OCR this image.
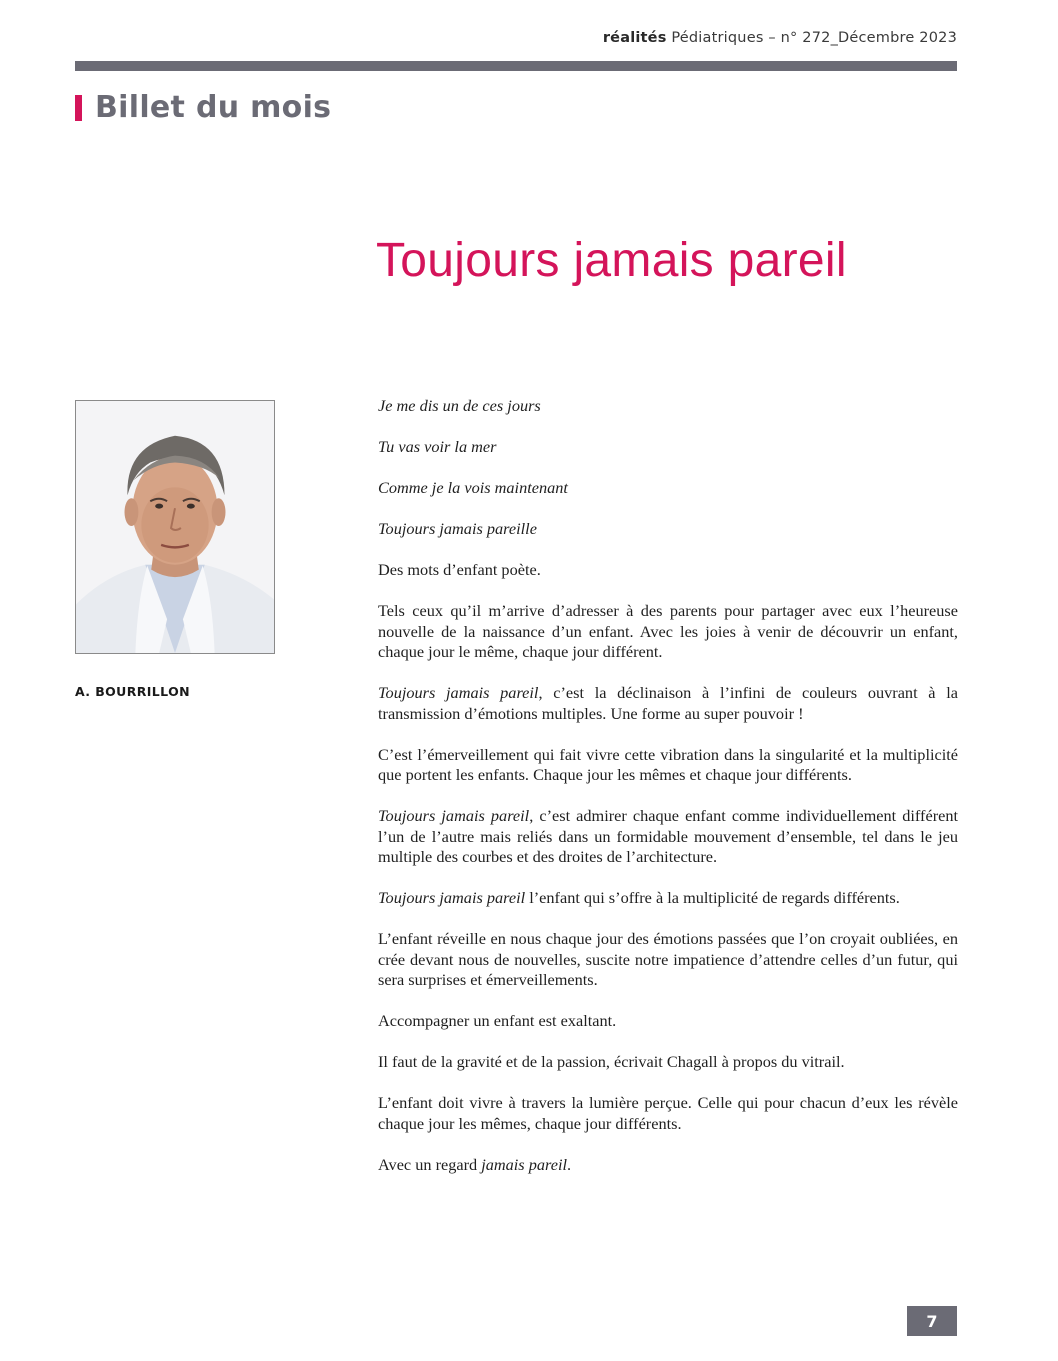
réalités Pédiatriques – n° 272_Décembre 2023
Billet du mois
Toujours jamais pareil
A. BOURRILLON

Je me dis un de ces jours

Tu vas voir la mer

Comme je la vois maintenant

Toujours jamais pareille

Des mots d’enfant poète.

Tels ceux qu’il m’arrive d’adresser à des parents pour partager avec eux l’heureuse nouvelle de la naissance d’un enfant. Avec les joies à venir de découvrir un enfant, chaque jour le même, chaque jour différent.

Toujours jamais pareil, c’est la déclinaison à l’infini de couleurs ouvrant à la transmission d’émotions multiples. Une forme au super pouvoir !

C’est l’émerveillement qui fait vivre cette vibration dans la singularité et la multiplicité que portent les enfants. Chaque jour les mêmes et chaque jour différents.

Toujours jamais pareil, c’est admirer chaque enfant comme individuellement différent l’un de l’autre mais reliés dans un formidable mouvement d’ensemble, tel dans le jeu multiple des courbes et des droites de l’architecture.

Toujours jamais pareil l’enfant qui s’offre à la multiplicité de regards différents.

L’enfant réveille en nous chaque jour des émotions passées que l’on croyait oubliées, en crée devant nous de nouvelles, suscite notre impatience d’attendre celles d’un futur, qui sera surprises et émerveillements.

Accompagner un enfant est exaltant.

Il faut de la gravité et de la passion, écrivait Chagall à propos du vitrail.

L’enfant doit vivre à travers la lumière perçue. Celle qui pour chacun d’eux les révèle chaque jour les mêmes, chaque jour différents.

Avec un regard jamais pareil.

7
